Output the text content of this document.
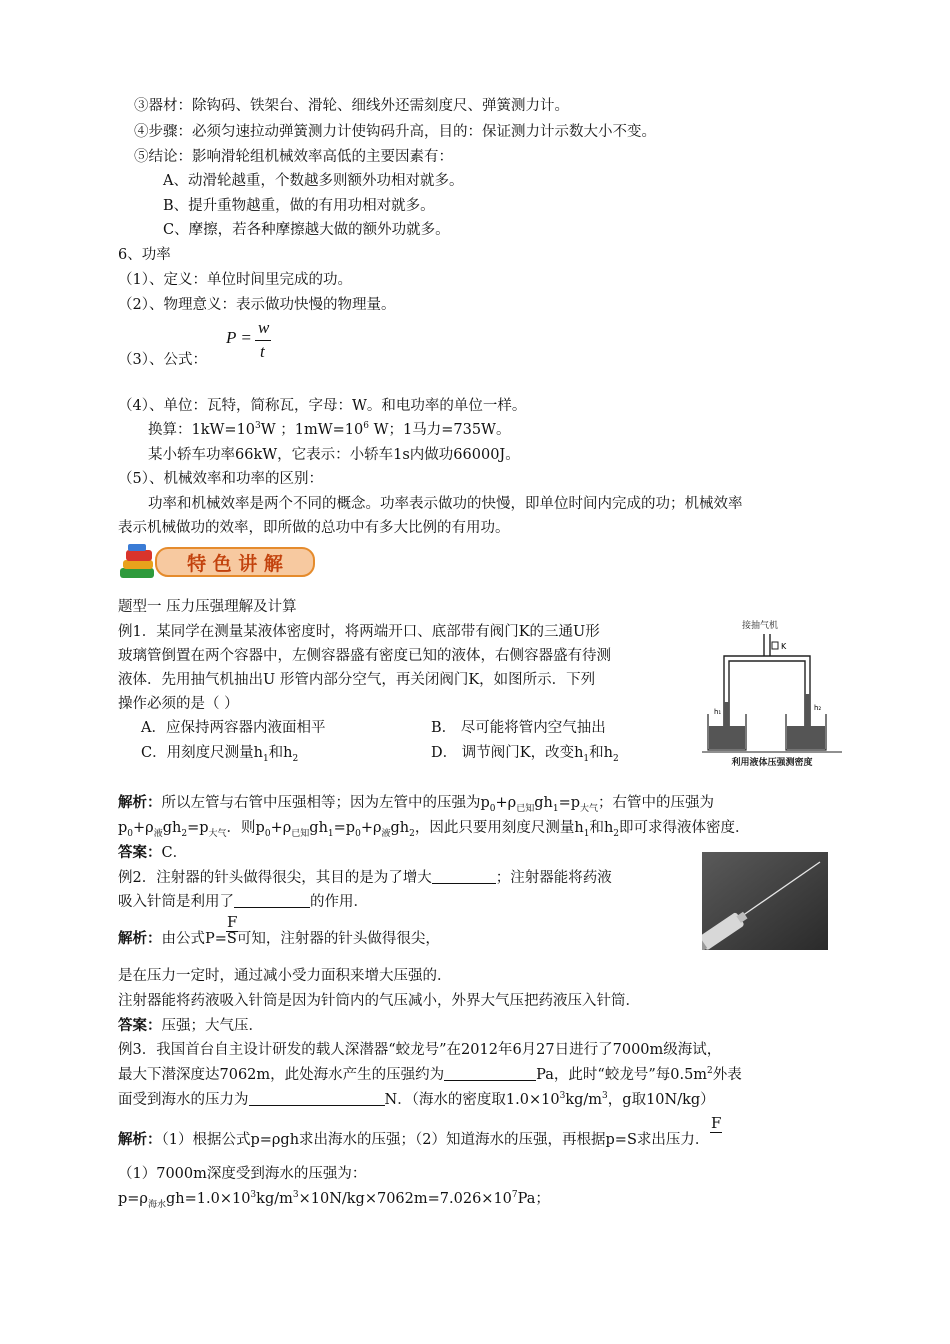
③器材：除钩码、铁架台、滑轮、细线外还需刻度尺、弹簧测力计。
④步骤：必须匀速拉动弹簧测力计使钩码升高，目的：保证测力计示数大小不变。
⑤结论：影响滑轮组机械效率高低的主要因素有：
A、动滑轮越重，个数越多则额外功相对就多。
B、提升重物越重，做的有用功相对就多。
C、摩擦，若各种摩擦越大做的额外功就多。
6、功率
（1）、定义：单位时间里完成的功。
（2）、物理意义：表示做功快慢的物理量。
（3）、公式：
P =
w
t
（4）、单位：瓦特，简称瓦，字母：W。和电功率的单位一样。
换算：$1kW=10^3W$ ；$1mW=10^6$ W；1马力=735W。
某小轿车功率66kW，它表示：小轿车1s内做功66000J。
（5）、机械效率和功率的区别：
功率和机械效率是两个不同的概念。功率表示做功的快慢，即单位时间内完成的功；机械效率
表示机械做功的效率，即所做的总功中有多大比例的有用功。
特 色 讲 解
题型一 压力压强理解及计算
例1．某同学在测量某液体密度时，将两端开口、底部带有阀门K的三通U形
玻璃管倒置在两个容器中，左侧容器盛有密度已知的液体，右侧容器盛有待测
液体．先用抽气机抽出U 形管内部分空气，再关闭阀门K，如图所示．下列
操作必须的是（ ）
A．应保持两容器内液面相平	B． 尽可能将管内空气抽出
C．用刻度尺测量$h_1$和$h_2$	D． 调节阀门K，改变$h_1$和$h_2$
接抽气机
K
h₁	h₂
利用液体压强测密度
解析：所以左管与右管中压强相等；因为左管中的压强为$p_0+\rho_{已知}gh_1=p_{大气}$；右管中的压强为
$p_0+\rho_液gh_2=p_{大气}$．则$p_0+\rho_{已知}gh_1=p_0+\rho_液gh_2$，因此只要用刻度尺测量$h_1$和$h_2$即可求得液体密度．
答案：C．
例2．注射器的针头做得很尖，其目的是为了增大	；注射器能将药液
吸入针筒是利用了	的作用．
F
解析：由公式P=S可知，注射器的针头做得很尖，
是在压力一定时，通过减小受力面积来增大压强的．
注射器能将药液吸入针筒是因为针筒内的气压减小，外界大气压把药液压入针筒．
答案：压强；大气压．
例3．我国首台自主设计研发的载人深潜器“蛟龙号”在2012年6月27日进行了7000m级海试，
最大下潜深度达7062m，此处海水产生的压强约为	Pa，此时“蛟龙号”每$0.5m^2$外表
面受到海水的压力为	N．（海水的密度取$1.0\times 10^3kg/m^3$，g取10N/kg）
F
解析：（1）根据公式p=ρgh求出海水的压强；（2）知道海水的压强，再根据p=S求出压力．
（1）7000m深度受到海水的压强为：
$p=\rho_{海水}gh=1.0\times 10^3kg/m^3\times 10N/kg\times 7062m=7.026\times 10^7Pa$；
